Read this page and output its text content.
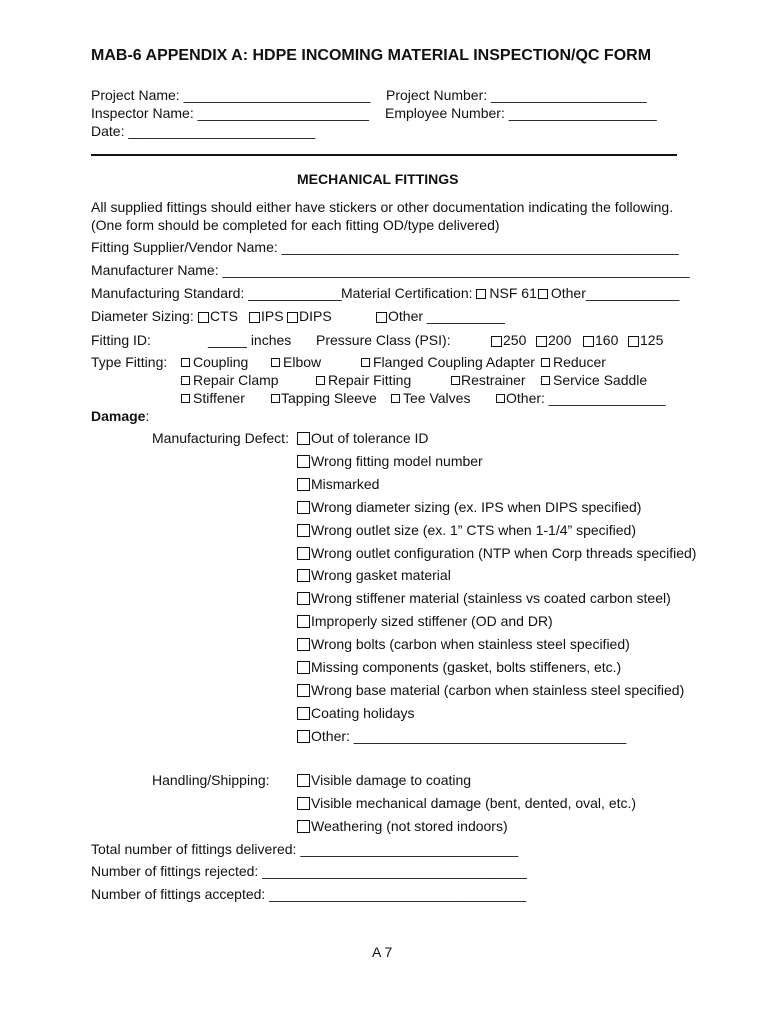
MAB-6 APPENDIX A: HDPE INCOMING MATERIAL INSPECTION/QC FORM
Project Name: ________________________ Project Number: ____________________
Inspector Name: ______________________ Employee Number: ___________________
Date: ________________________
MECHANICAL FITTINGS
All supplied fittings should either have stickers or other documentation indicating the following.
(One form should be completed for each fitting OD/type delivered)
Fitting Supplier/Vendor Name: ___________________________________________________
Manufacturer Name: ____________________________________________________________
Manufacturing Standard: ____________ Material Certification: NSF 61 Other____________
Diameter Sizing:	CTS	IPS	DIPS	Other __________
Fitting ID:	_____ inches Pressure Class (PSI):	250	200	160	125
Type Fitting:	Coupling	Elbow	Flanged Coupling Adapter	Reducer
Repair Clamp	Repair Fitting	Restrainer	Service Saddle
Stiffener	Tapping Sleeve	Tee Valves	Other: _______________
Damage:
Manufacturing Defect:	Out of tolerance ID
Wrong fitting model number
Mismarked
Wrong diameter sizing (ex. IPS when DIPS specified)
Wrong outlet size (ex. 1” CTS when 1-1/4” specified)
Wrong outlet configuration (NTP when Corp threads specified)
Wrong gasket material
Wrong stiffener material (stainless vs coated carbon steel)
Improperly sized stiffener (OD and DR)
Wrong bolts (carbon when stainless steel specified)
Missing components (gasket, bolts stiffeners, etc.)
Wrong base material (carbon when stainless steel specified)
Coating holidays
Other: ___________________________________
Handling/Shipping:	Visible damage to coating
Visible mechanical damage (bent, dented, oval, etc.)
Weathering (not stored indoors)
Total number of fittings delivered: ____________________________
Number of fittings rejected: __________________________________
Number of fittings accepted: _________________________________
A 7
